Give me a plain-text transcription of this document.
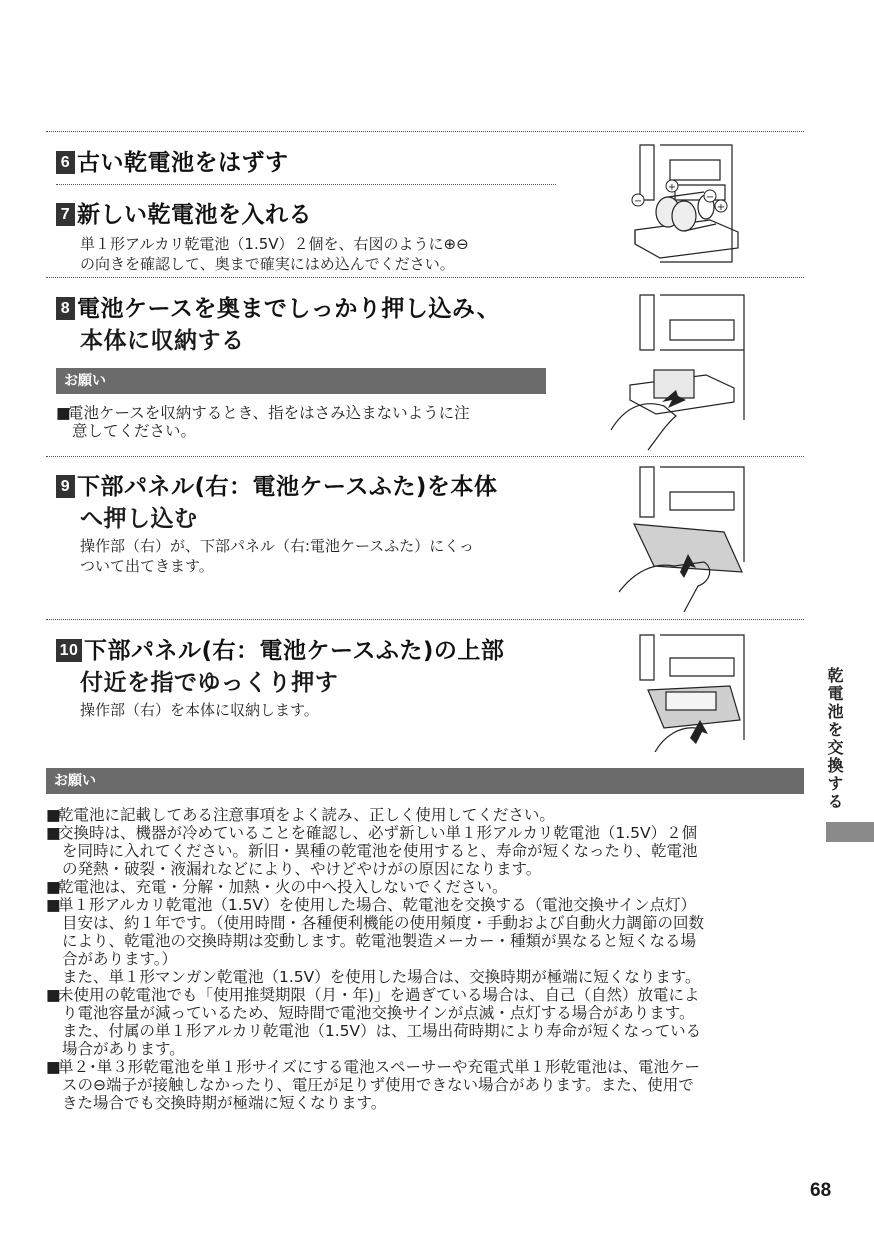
6 古い乾電池をはずす
7 新しい乾電池を入れる
単１形アルカリ乾電池（1.5V）２個を、右図のように⊕⊖
の向きを確認して、奥まで確実にはめ込んでください。
8 電池ケースを奥までしっかり押し込み、
本体に収納する
お願い
■電池ケースを収納するとき、指をはさみ込まないように注
意してください。
9 下部パネル(右：電池ケースふた)を本体
へ押し込む
操作部（右）が、下部パネル（右:電池ケースふた）にくっ
ついて出てきます。
10 下部パネル(右：電池ケースふた)の上部
付近を指でゆっくり押す
操作部（右）を本体に収納します。
お願い
■乾電池に記載してある注意事項をよく読み、正しく使用してください。
■交換時は、機器が冷めていることを確認し、必ず新しい単１形アルカリ乾電池（1.5V）２個
を同時に入れてください。新旧・異種の乾電池を使用すると、寿命が短くなったり、乾電池
の発熱・破裂・液漏れなどにより、やけどやけがの原因になります。
■乾電池は、充電・分解・加熱・火の中へ投入しないでください。
■単１形アルカリ乾電池（1.5V）を使用した場合、乾電池を交換する（電池交換サイン点灯）
目安は、約１年です。（使用時間・各種便利機能の使用頻度・手動および自動火力調節の回数
により、乾電池の交換時期は変動します。乾電池製造メーカー・種類が異なると短くなる場
合があります。）
また、単１形マンガン乾電池（1.5V）を使用した場合は、交換時期が極端に短くなります。
■未使用の乾電池でも「使用推奨期限（月・年)」を過ぎている場合は、自己（自然）放電によ
り電池容量が減っているため、短時間で電池交換サインが点滅・点灯する場合があります。
また、付属の単１形アルカリ乾電池（1.5V）は、工場出荷時期により寿命が短くなっている
場合があります。
■単２･単３形乾電池を単１形サイズにする電池スペーサーや充電式単１形乾電池は、電池ケー
スの⊖端子が接触しなかったり、電圧が足りず使用できない場合があります。また、使用で
きた場合でも交換時期が極端に短くなります。
+
−	−
+
乾電池を交換する
68
